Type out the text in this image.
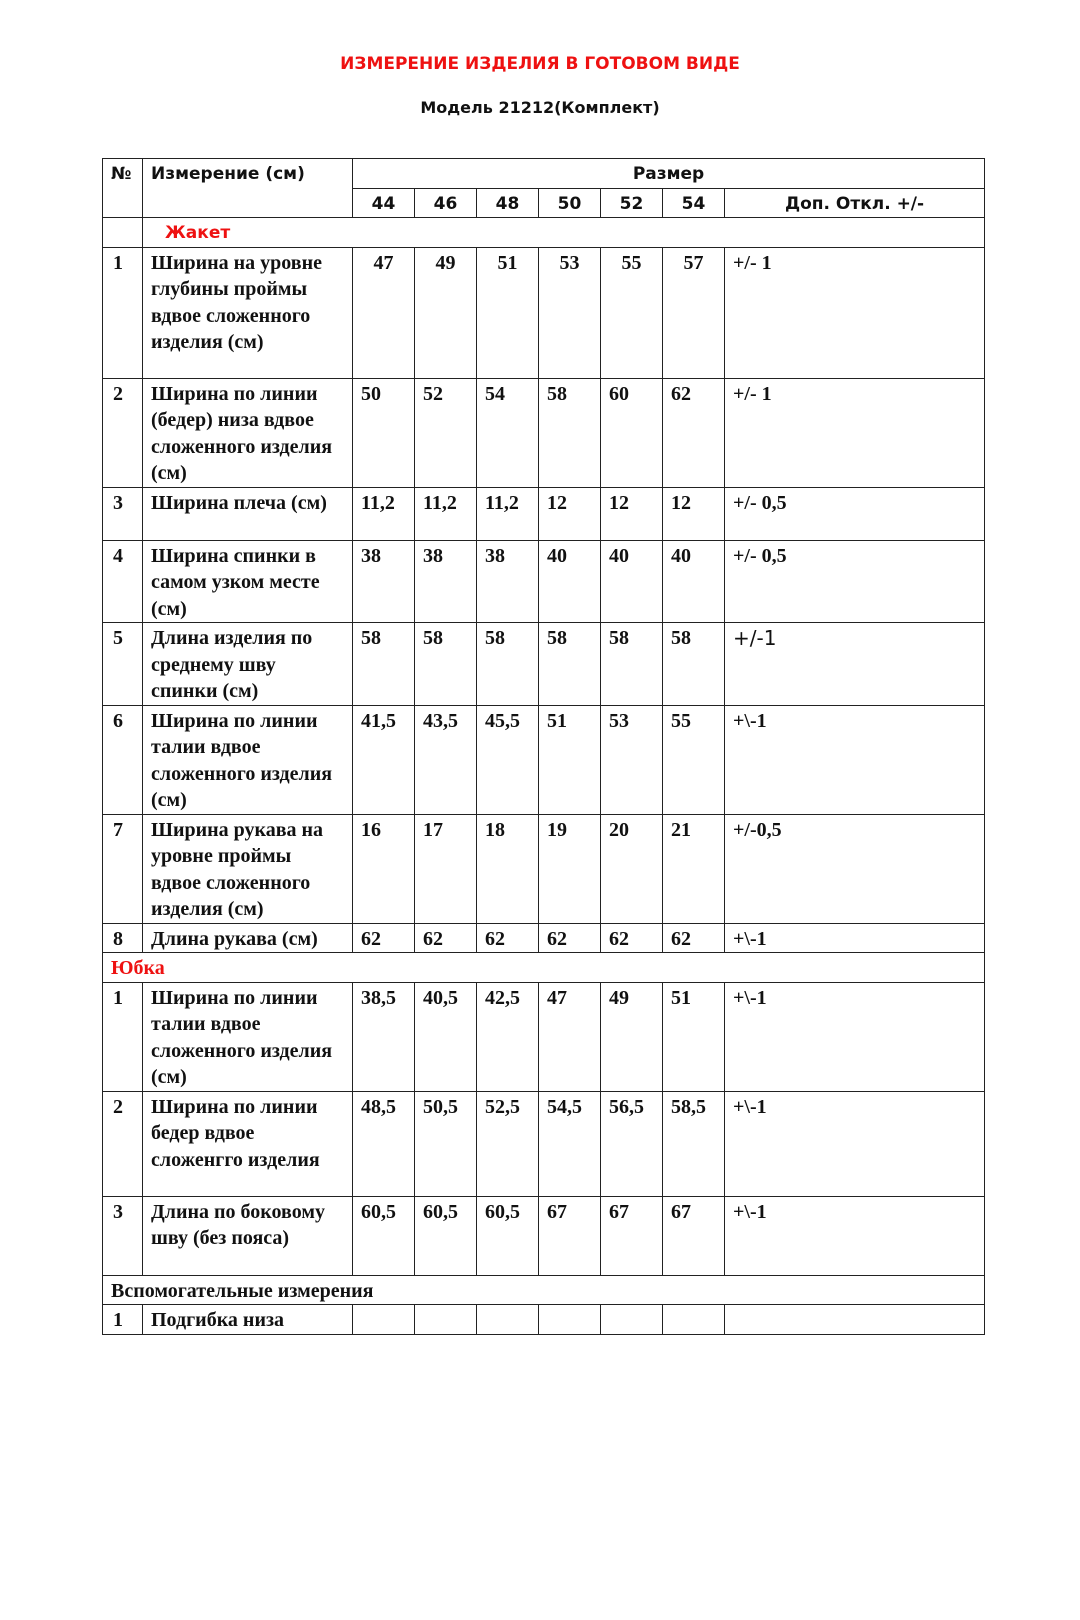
ИЗМЕРЕНИЕ ИЗДЕЛИЯ В ГОТОВОМ ВИДЕ
Модель 21212(Комплект)
№	Измерение (см)	Размер						
		44	46	48	50	52	54	Доп. Откл. +/-
	Жакет							
1	Ширина на уровне глубины проймы вдвое сложенного изделия (см)	47	49	51	53	55	57	+/- 1
2	Ширина по линии (бедер) низа вдвое сложенного изделия (см)	50	52	54	58	60	62	+/- 1
3	Ширина плеча (см)	11,2	11,2	11,2	12	12	12	+/- 0,5
4	Ширина спинки в самом узком месте (см)	38	38	38	40	40	40	+/- 0,5
5	Длина изделия по среднему шву спинки (см)	58	58	58	58	58	58	+/-1
6	Ширина по линии талии вдвое сложенного изделия (см)	41,5	43,5	45,5	51	53	55	+\-1
7	Ширина рукава на уровне проймы вдвое сложенного изделия (см)	16	17	18	19	20	21	+/-0,5
8	Длина рукава (см)	62	62	62	62	62	62	+\-1
Юбка								
1	Ширина по линии талии вдвое сложенного изделия (см)	38,5	40,5	42,5	47	49	51	+\-1
2	Ширина по линии бедер вдвое сложенгго изделия	48,5	50,5	52,5	54,5	56,5	58,5	+\-1
3	Длина по боковому шву (без пояса)	60,5	60,5	60,5	67	67	67	+\-1
Вспомогательные измерения								
1	Подгибка низа							
